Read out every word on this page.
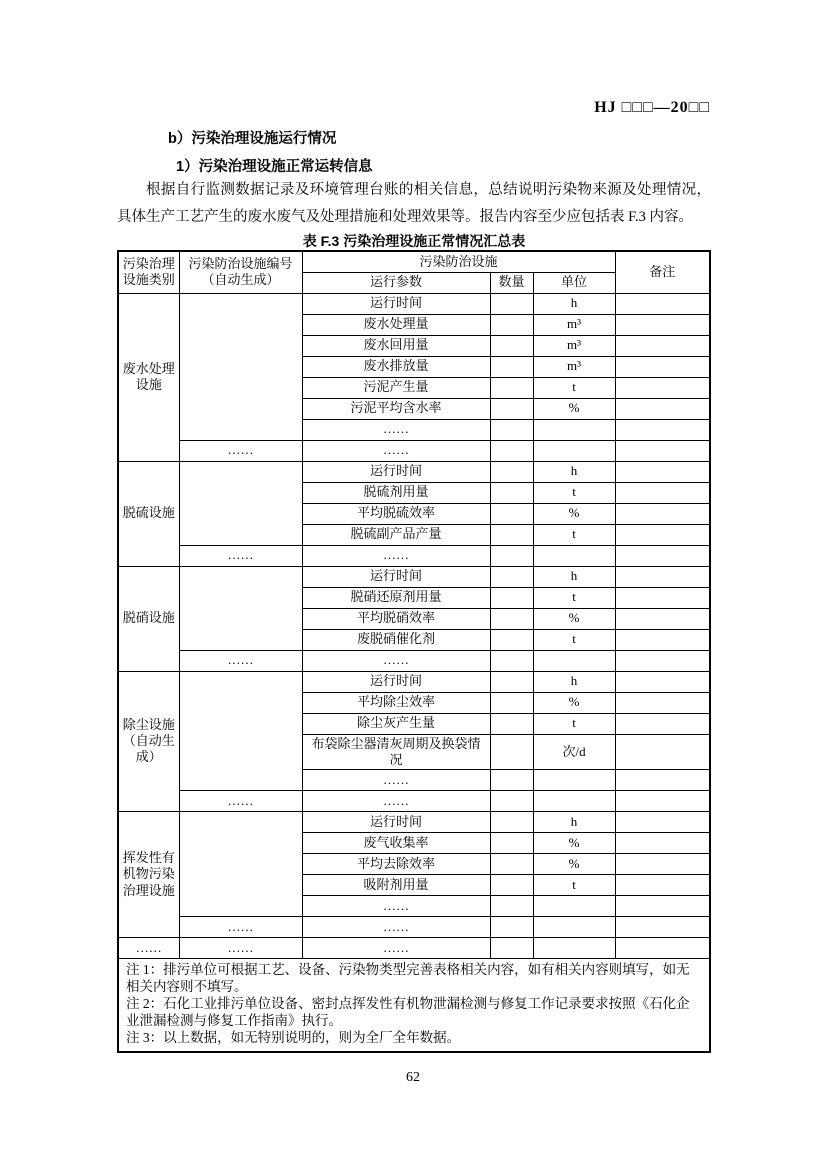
HJ □□□—20□□
b）污染治理设施运行情况
1）污染治理设施正常运转信息

根据自行监测数据记录及环境管理台账的相关信息，总结说明污染物来源及处理情况，具体生产工艺产生的废水废气及处理措施和处理效果等。报告内容至少应包括表 F.3 内容。

表 F.3 污染治理设施正常情况汇总表
污染治理设施类别	污染防治设施编号（自动生成）	污染防治设施			备注
		运行参数	数量	单位	
废水处理设施		运行时间		h	
		废水处理量		m³	
		废水回用量		m³	
		废水排放量		m³	
		污泥产生量		t	
		污泥平均含水率		%	
		……			
	……	……			
脱硫设施		运行时间		h	
		脱硫剂用量		t	
		平均脱硫效率		%	
		脱硫副产品产量		t	
	……	……			
脱硝设施		运行时间		h	
		脱硝还原剂用量		t	
		平均脱硝效率		%	
		废脱硝催化剂		t	
	……	……			
除尘设施（自动生成）		运行时间		h	
		平均除尘效率		%	
		除尘灰产生量		t	
		布袋除尘器清灰周期及换袋情况		次/d	
		……			
	……	……			
挥发性有机物污染治理设施		运行时间		h	
		废气收集率		%	
		平均去除效率		%	
		吸附剂用量		t	
		……			
	……	……			
……	……	……			

注 1：排污单位可根据工艺、设备、污染物类型完善表格相关内容，如有相关内容则填写，如无相关内容则不填写。
注 2：石化工业排污单位设备、密封点挥发性有机物泄漏检测与修复工作记录要求按照《石化企业泄漏检测与修复工作指南》执行。
注 3：以上数据，如无特别说明的，则为全厂全年数据。					
62
